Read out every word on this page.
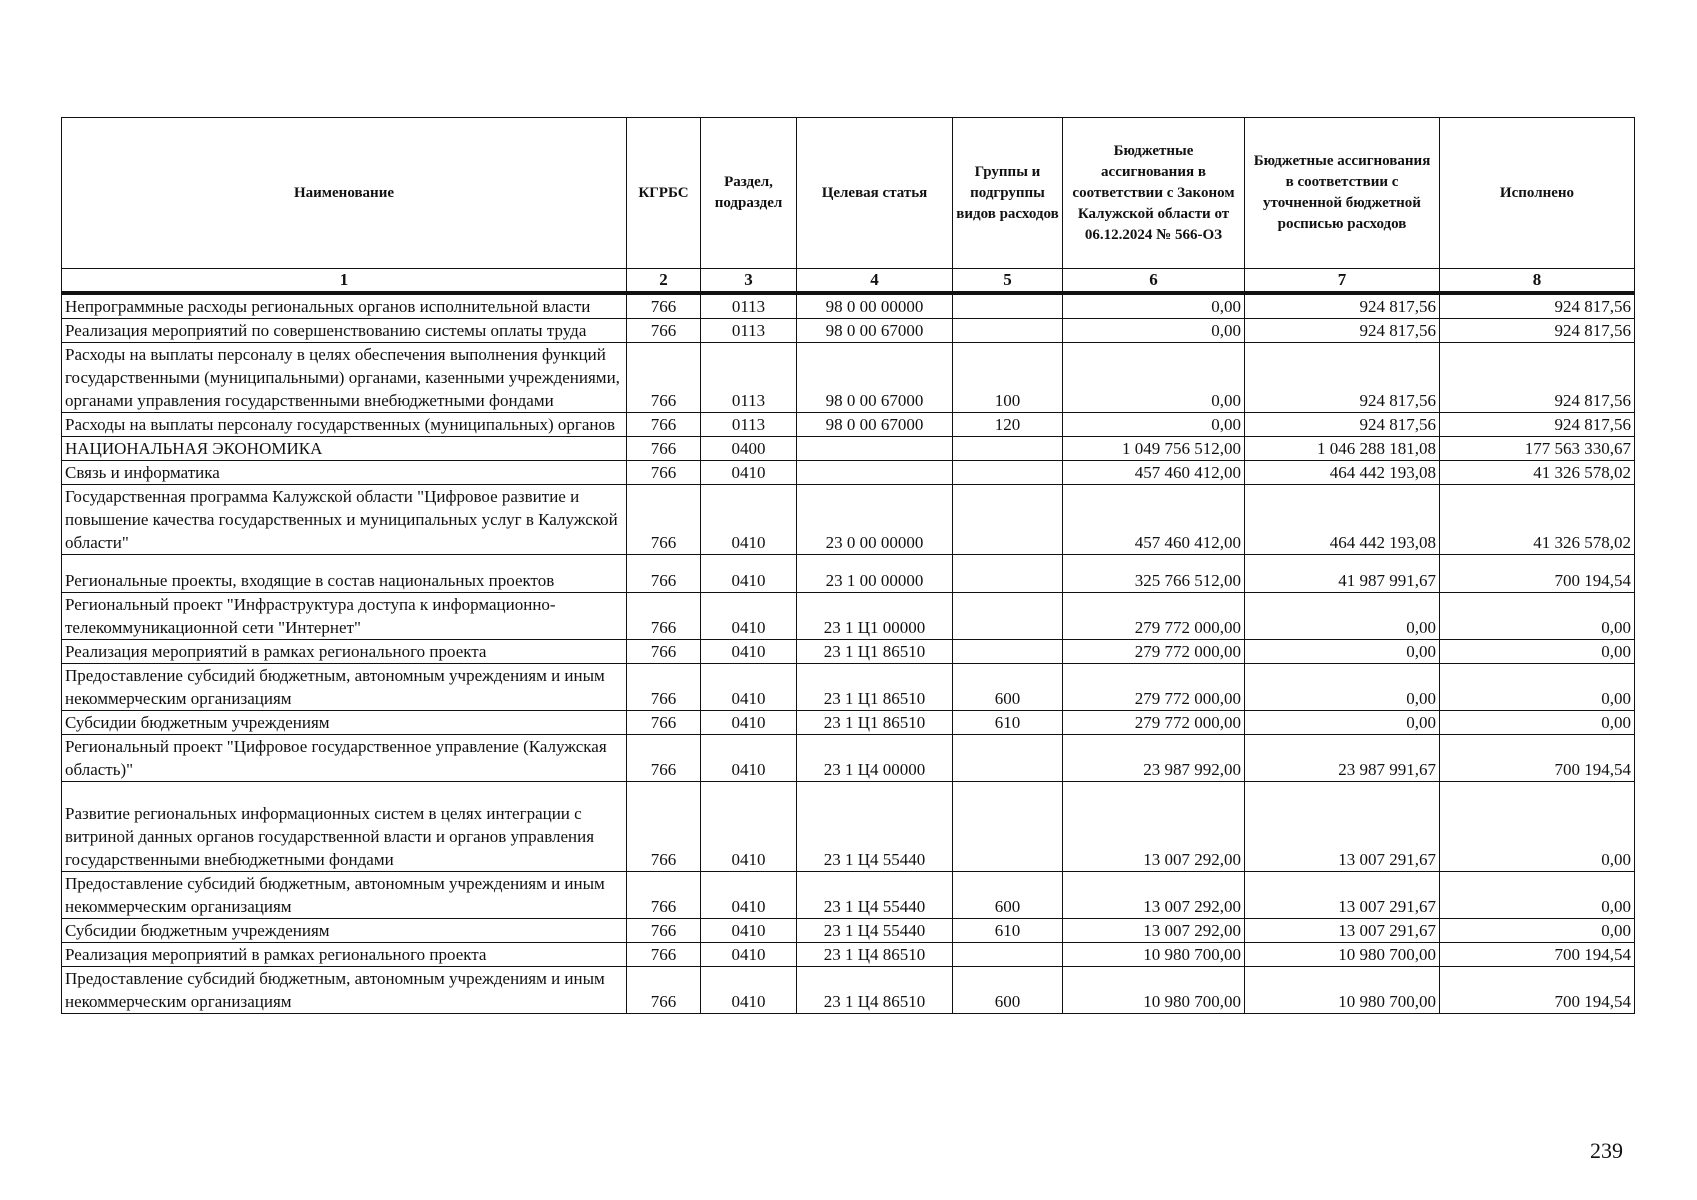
Наименование	КГРБС	Раздел, подраздел	Целевая статья	Группы и подгруппы видов расходов	Бюджетные ассигнования в соответствии с Законом Калужской области от 06.12.2024 № 566-ОЗ	Бюджетные ассигнования в соответствии с уточненной бюджетной росписью расходов	Исполнено
1	2	3	4	5	6	7	8
Непрограммные расходы региональных органов исполнительной власти	766	0113	98 0 00 00000		0,00	924 817,56	924 817,56
Реализация мероприятий по совершенствованию системы оплаты труда	766	0113	98 0 00 67000		0,00	924 817,56	924 817,56
Расходы на выплаты персоналу в целях обеспечения выполнения функций государственными (муниципальными) органами, казенными учреждениями, органами управления государственными внебюджетными фондами	766	0113	98 0 00 67000	100	0,00	924 817,56	924 817,56
Расходы на выплаты персоналу государственных (муниципальных) органов	766	0113	98 0 00 67000	120	0,00	924 817,56	924 817,56
НАЦИОНАЛЬНАЯ ЭКОНОМИКА	766	0400			1 049 756 512,00	1 046 288 181,08	177 563 330,67
Связь и информатика	766	0410			457 460 412,00	464 442 193,08	41 326 578,02
Государственная программа Калужской области "Цифровое развитие и повышение качества государственных и муниципальных услуг в Калужской области"	766	0410	23 0 00 00000		457 460 412,00	464 442 193,08	41 326 578,02
Региональные проекты, входящие в состав национальных проектов	766	0410	23 1 00 00000		325 766 512,00	41 987 991,67	700 194,54
Региональный проект "Инфраструктура доступа к информационно-телекоммуникационной сети "Интернет"	766	0410	23 1 Ц1 00000		279 772 000,00	0,00	0,00
Реализация мероприятий в рамках регионального проекта	766	0410	23 1 Ц1 86510		279 772 000,00	0,00	0,00
Предоставление субсидий бюджетным, автономным учреждениям и иным некоммерческим организациям	766	0410	23 1 Ц1 86510	600	279 772 000,00	0,00	0,00
Субсидии бюджетным учреждениям	766	0410	23 1 Ц1 86510	610	279 772 000,00	0,00	0,00
Региональный проект "Цифровое государственное управление (Калужская область)"	766	0410	23 1 Ц4 00000		23 987 992,00	23 987 991,67	700 194,54
Развитие региональных информационных систем в целях интеграции с витриной данных органов государственной власти и органов управления государственными внебюджетными фондами	766	0410	23 1 Ц4 55440		13 007 292,00	13 007 291,67	0,00
Предоставление субсидий бюджетным, автономным учреждениям и иным некоммерческим организациям	766	0410	23 1 Ц4 55440	600	13 007 292,00	13 007 291,67	0,00
Субсидии бюджетным учреждениям	766	0410	23 1 Ц4 55440	610	13 007 292,00	13 007 291,67	0,00
Реализация мероприятий в рамках регионального проекта	766	0410	23 1 Ц4 86510		10 980 700,00	10 980 700,00	700 194,54
Предоставление субсидий бюджетным, автономным учреждениям и иным некоммерческим организациям	766	0410	23 1 Ц4 86510	600	10 980 700,00	10 980 700,00	700 194,54
239
